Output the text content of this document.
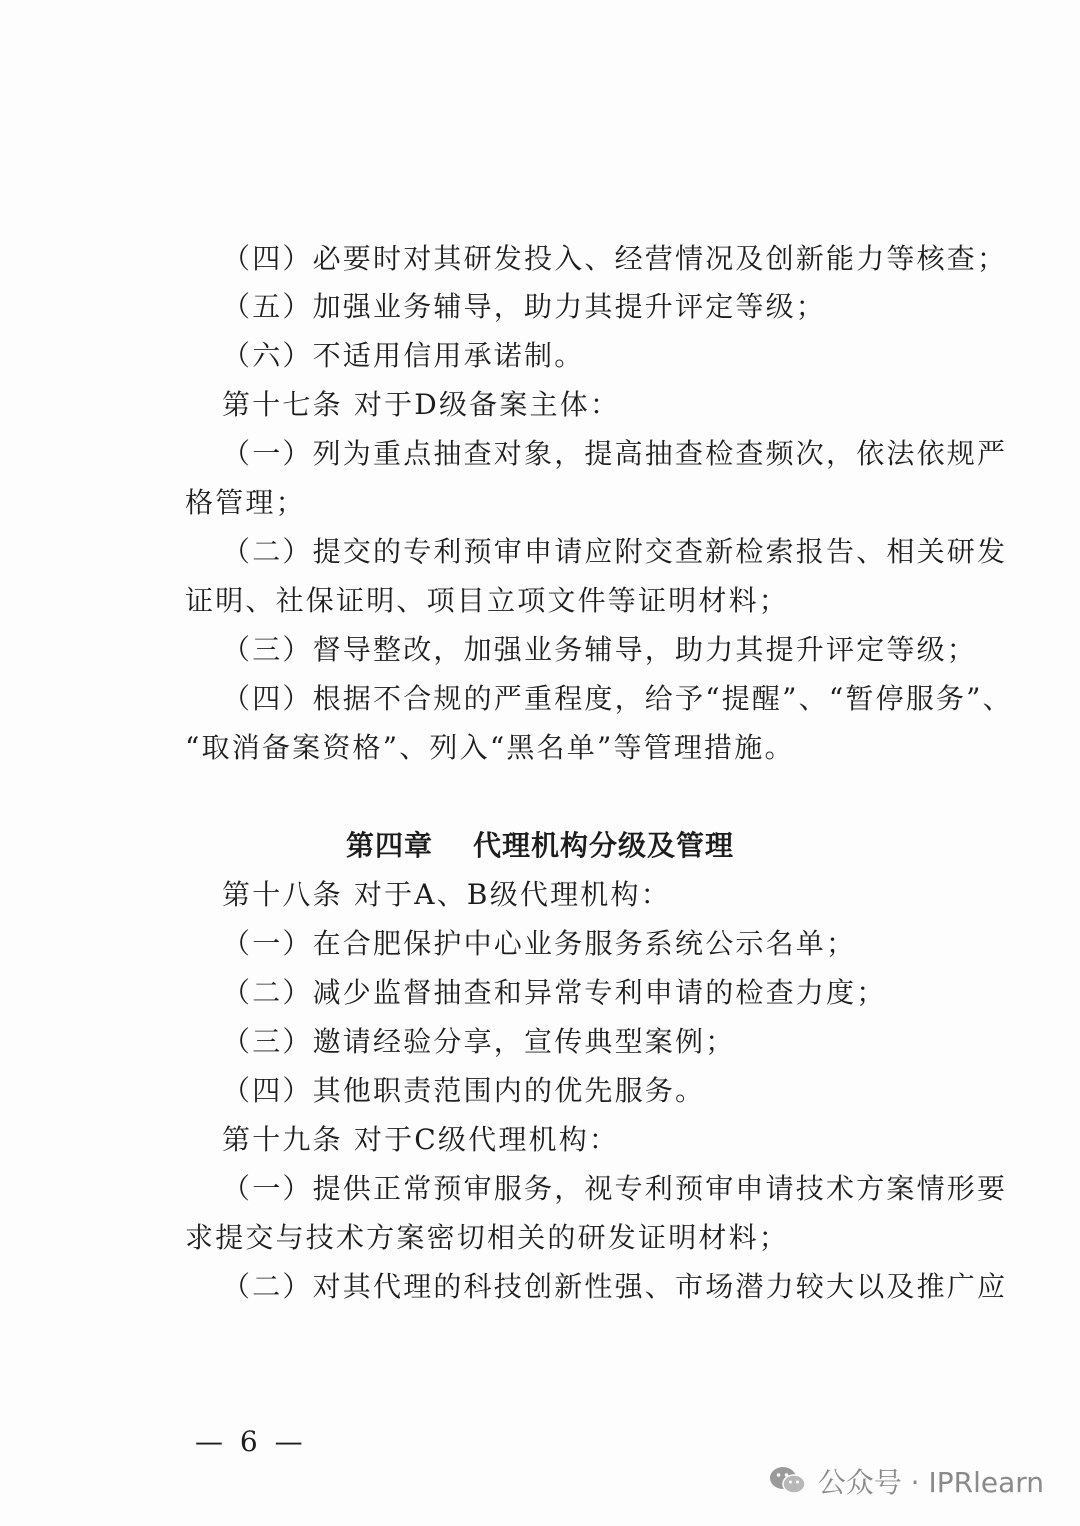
（四）必要时对其研发投入、经营情况及创新能力等核查；
（五）加强业务辅导，助力其提升评定等级；
（六）不适用信用承诺制。
第十七条 对于D级备案主体：
（一）列为重点抽查对象，提高抽查检查频次，依法依规严
格管理；
（二）提交的专利预审申请应附交查新检索报告、相关研发
证明、社保证明、项目立项文件等证明材料；
（三）督导整改，加强业务辅导，助力其提升评定等级；
（四）根据不合规的严重程度，给予“提醒”、“暂停服务”、
“取消备案资格”、列入“黑名单”等管理措施。
第四章 代理机构分级及管理
第十八条 对于A、B级代理机构：
（一）在合肥保护中心业务服务系统公示名单；
（二）减少监督抽查和异常专利申请的检查力度；
（三）邀请经验分享，宣传典型案例；
（四）其他职责范围内的优先服务。
第十九条 对于C级代理机构：
（一）提供正常预审服务，视专利预审申请技术方案情形要
求提交与技术方案密切相关的研发证明材料；
（二）对其代理的科技创新性强、市场潜力较大以及推广应
— 6 —
公众号 · IPRlearn
